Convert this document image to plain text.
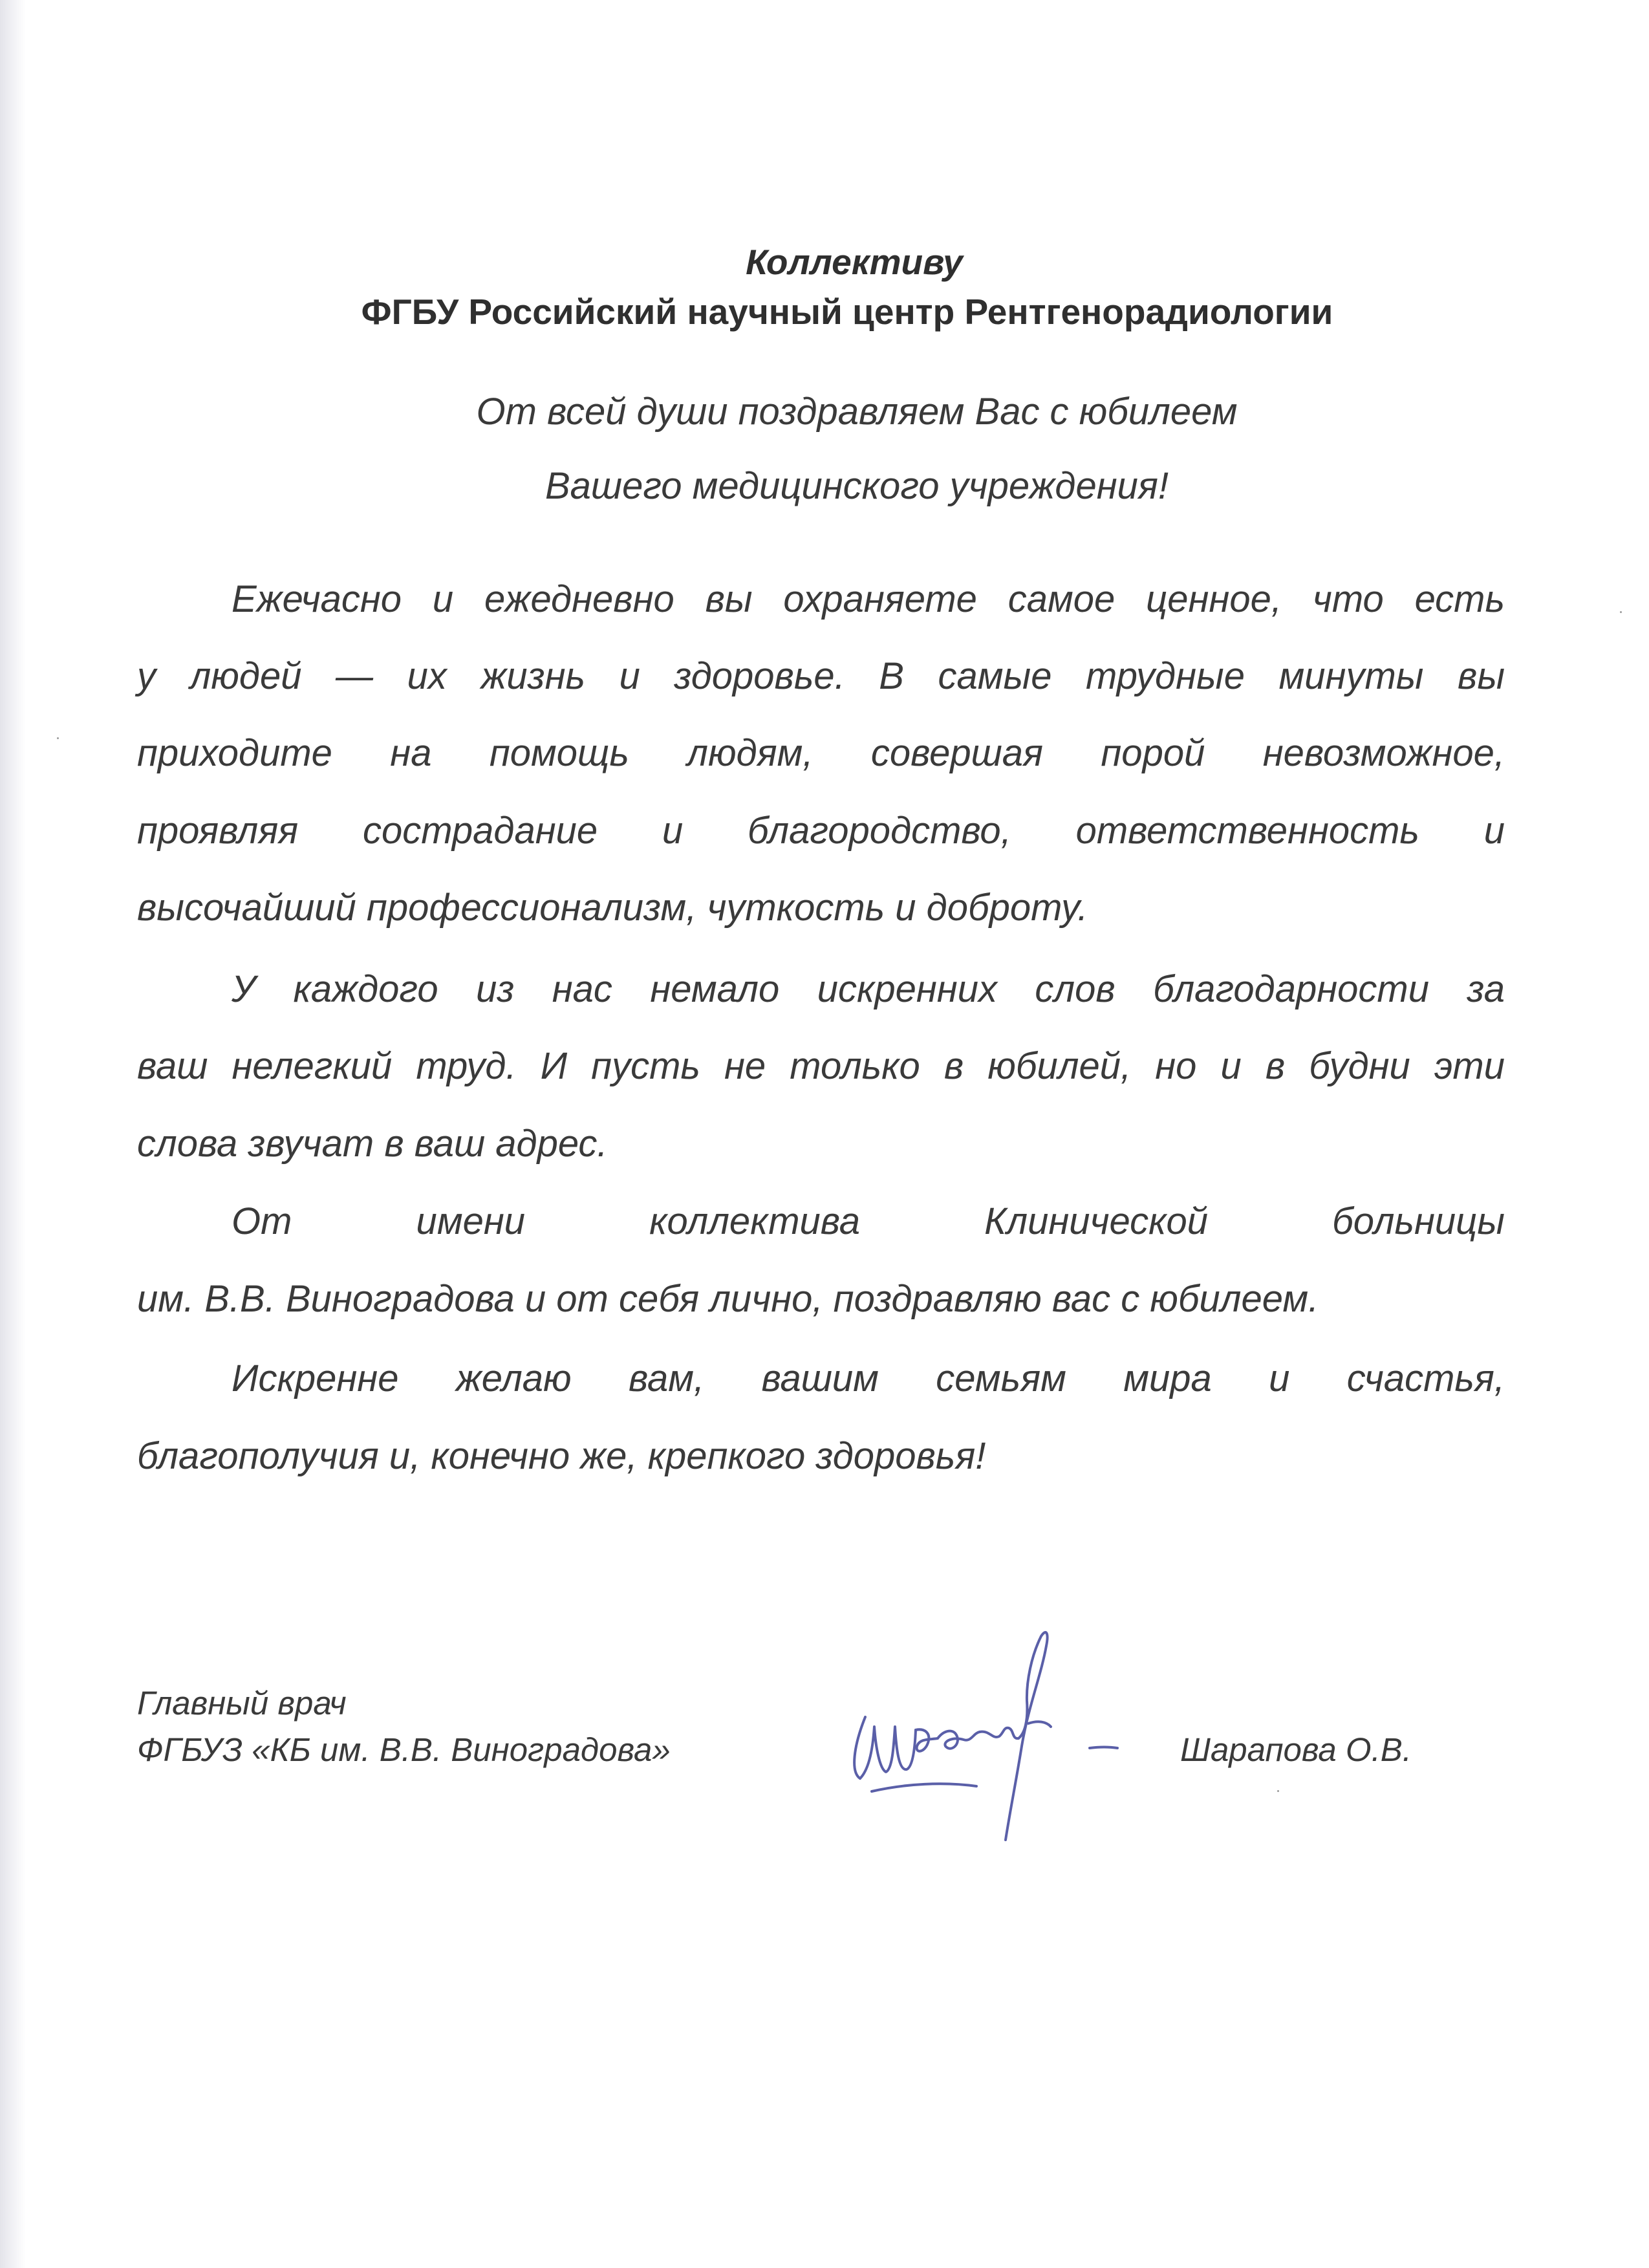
Коллективу
ФГБУ Российский научный центр Рентгенорадиологии
От всей души поздравляем Вас с юбилеем
Вашего медицинского учреждения!
Ежечасно и ежедневно вы охраняете самое ценное, что есть
у людей — их жизнь и здоровье. В самые трудные минуты вы
приходите на помощь людям, совершая порой невозможное,
проявляя сострадание и благородство, ответственность и
высочайший профессионализм, чуткость и доброту.
У каждого из нас немало искренних слов благодарности за
ваш нелегкий труд. И пусть не только в юбилей, но и в будни эти
слова звучат в ваш адрес.
От имени коллектива Клинической больницы
им. В.В. Виноградова и от себя лично, поздравляю вас с юбилеем.
Искренне желаю вам, вашим семьям мира и счастья,
благополучия и, конечно же, крепкого здоровья!
Главный врач
ФГБУЗ «КБ им. В.В. Виноградова»	Шарапова О.В.
